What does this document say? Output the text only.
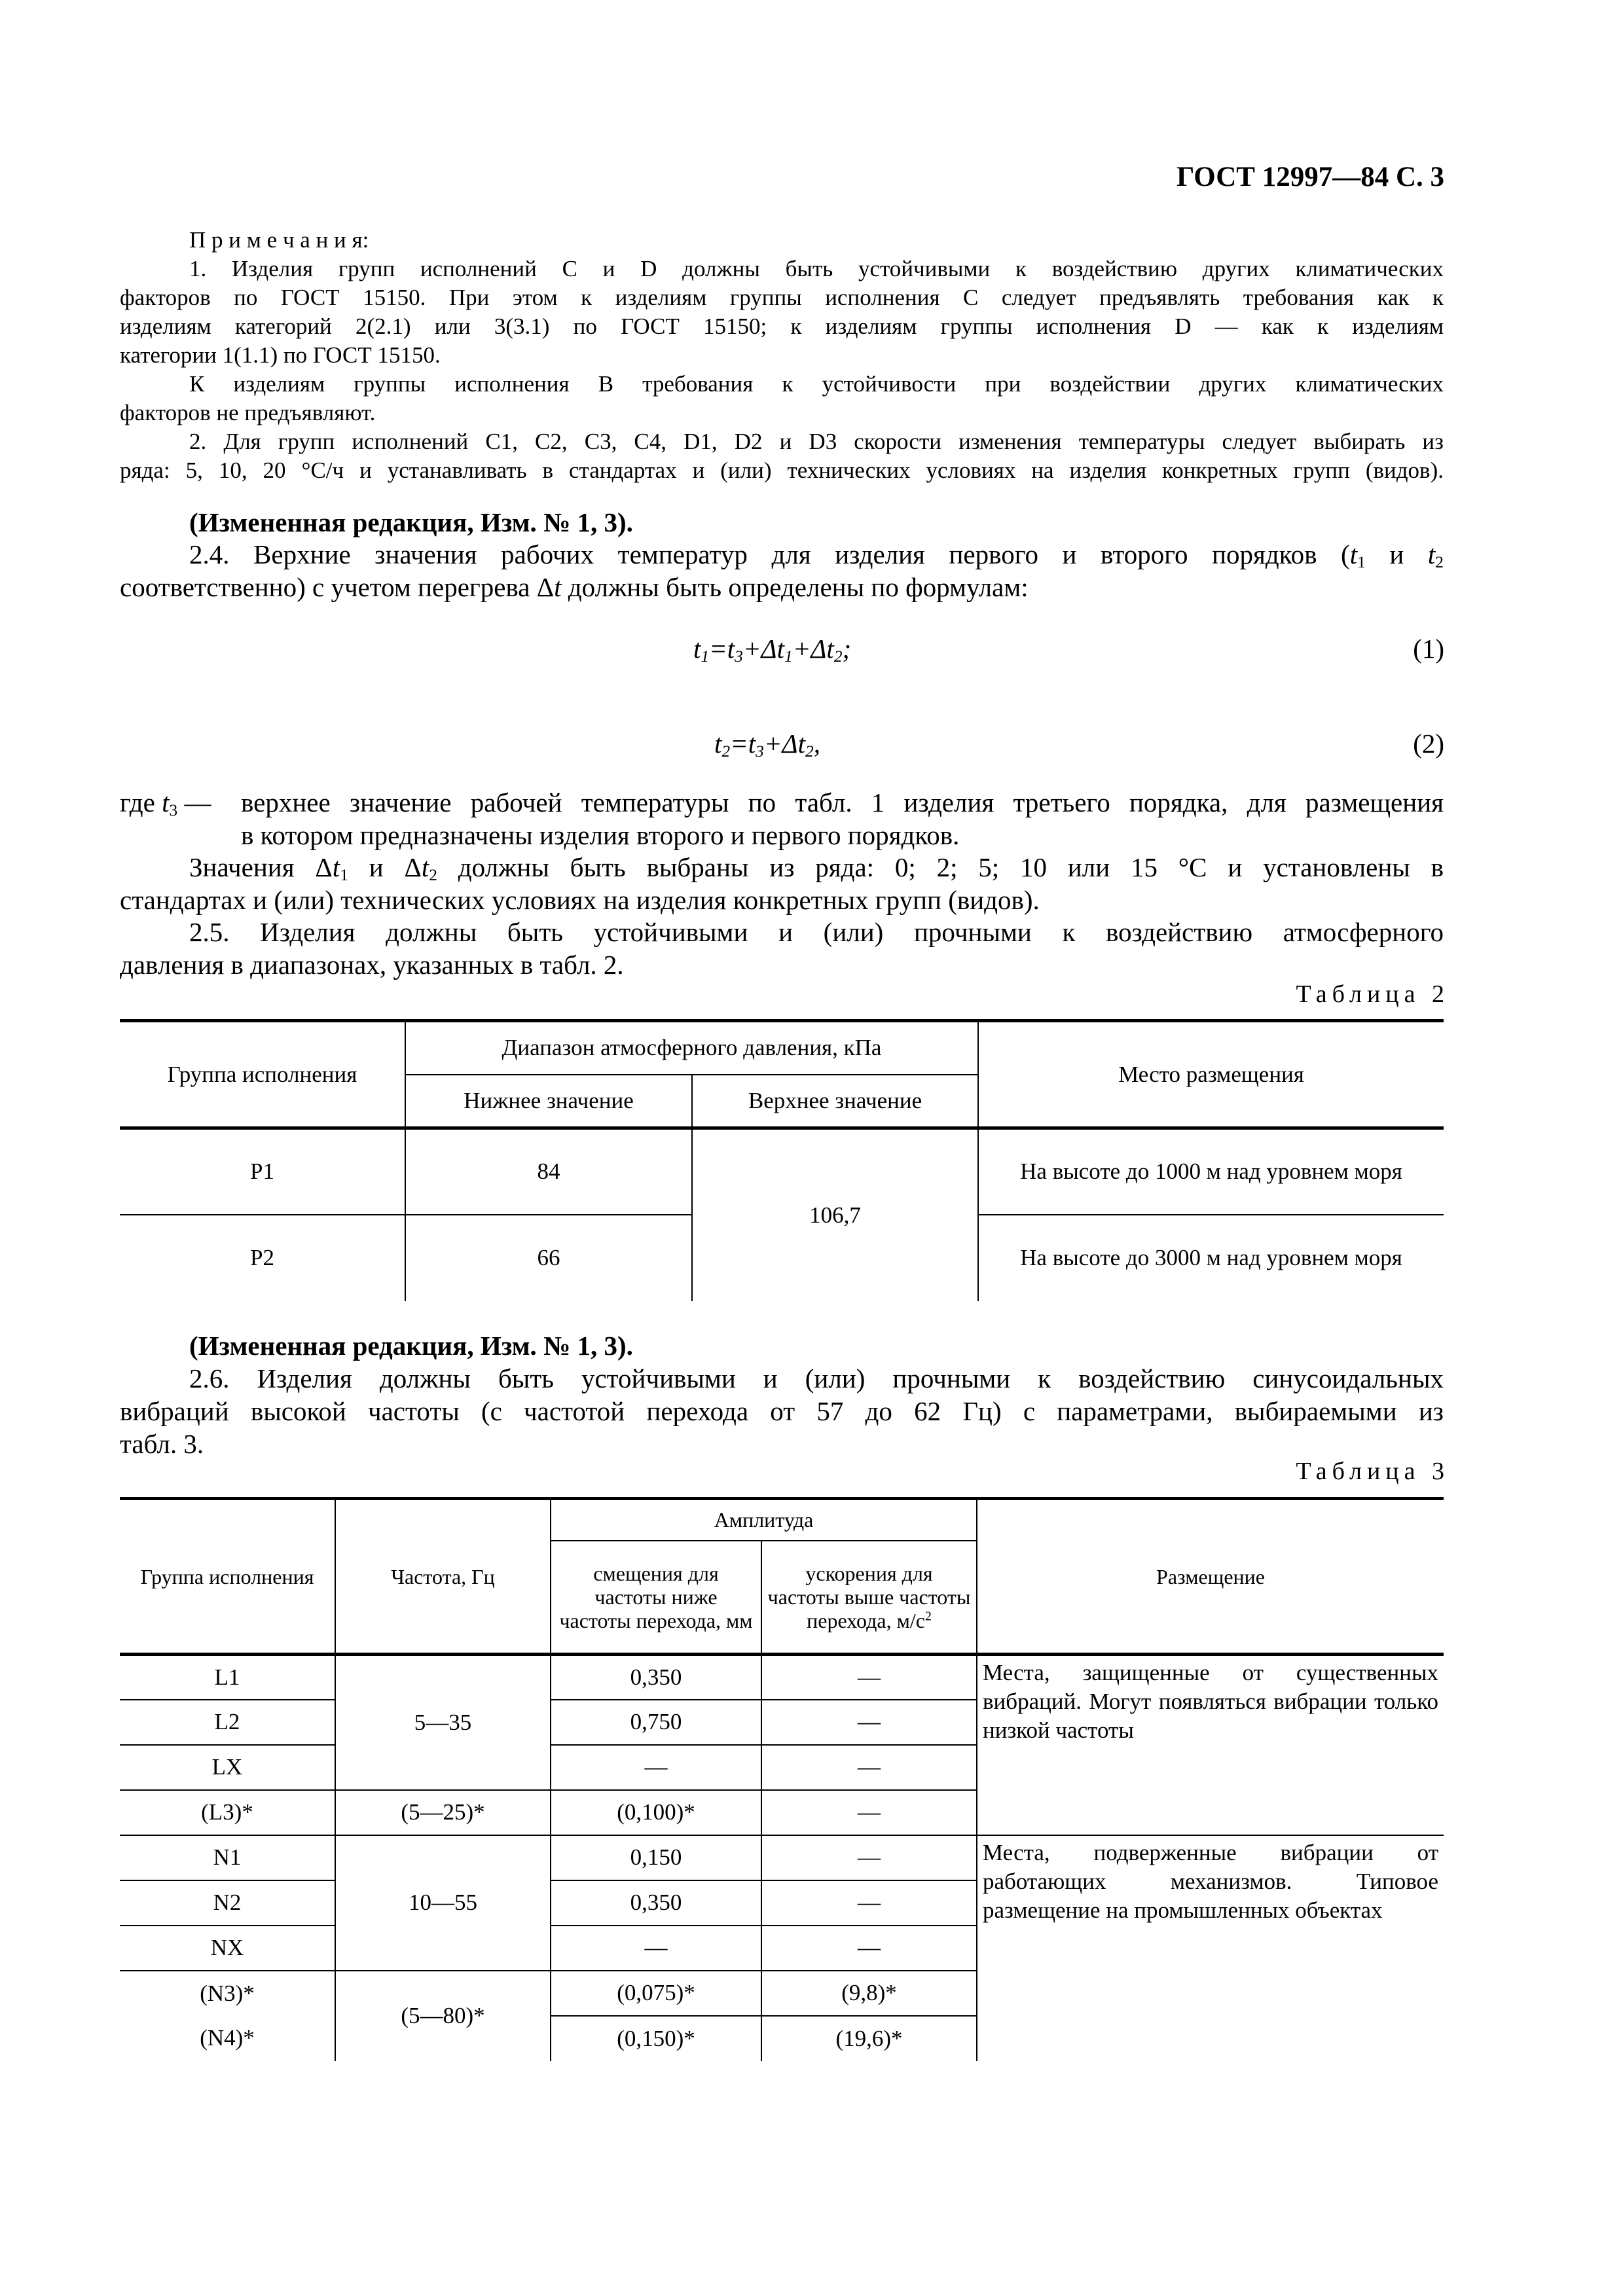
ГОСТ 12997—84 С. 3
П р и м е ч а н и я:
1. Изделия групп исполнений C и D должны быть устойчивыми к воздействию других климатических
факторов по ГОСТ 15150. При этом к изделиям группы исполнения C следует предъявлять требования как к
изделиям категорий 2(2.1) или 3(3.1) по ГОСТ 15150; к изделиям группы исполнения D — как к изделиям
категории 1(1.1) по ГОСТ 15150.
К изделиям группы исполнения B требования к устойчивости при воздействии других климатических
факторов не предъявляют.
2. Для групп исполнений C1, C2, C3, C4, D1, D2 и D3 скорости изменения температуры следует выбирать из
ряда: 5, 10, 20 °С/ч и устанавливать в стандартах и (или) технических условиях на изделия конкретных групп (видов).
(Измененная редакция, Изм. № 1, 3).
2.4. Верхние значения рабочих температур для изделия первого и второго порядков ($t_1$ и $t_2$
соответственно) с учетом перегрева Δt должны быть определены по формулам:
$t_1=t_3+\Delta t_1+\Delta t_2$;	(1)
$t_2=t_3+\Delta t_2$,	(2)
где $t_3$ —	верхнее значение рабочей температуры по табл. 1 изделия третьего порядка, для размещения
в котором предназначены изделия второго и первого порядков.
Значения $\Delta t_1$ и $\Delta t_2$ должны быть выбраны из ряда: 0; 2; 5; 10 или 15 °С и установлены в
стандартах и (или) технических условиях на изделия конкретных групп (видов).
2.5. Изделия должны быть устойчивыми и (или) прочными к воздействию атмосферного
давления в диапазонах, указанных в табл. 2.
Таблица 2
Группа исполнения	Диапазон атмосферного давления, кПа		Место размещения
	Нижнее значение	Верхнее значение	
P1	84	106,7	На высоте до 1000 м над уровнем моря
P2	66		На высоте до 3000 м над уровнем моря
(Измененная редакция, Изм. № 1, 3).
2.6. Изделия должны быть устойчивыми и (или) прочными к воздействию синусоидальных
вибраций высокой частоты (с частотой перехода от 57 до 62 Гц) с параметрами, выбираемыми из
табл. 3.
Таблица 3
Группа исполнения	Частота, Гц	Амплитуда		Размещение
		смещения для частоты ниже частоты перехода, мм	ускорения для частоты выше частоты перехода, $м/с^2$
L1	5—35	0,350	—	Места, защищенные от существенных вибраций. Могут появляться вибрации только низкой частоты

L2		0,750	—	
LX		—	—	
(L3)*	(5—25)*	(0,100)*	—	
N1	10—55	0,150	—	Места, подверженные вибрации от работающих механизмов. Типовое размещение на промышленных объектах

N2		0,350	—	
NX		—	—	
(N3)*	(5—80)*	(0,075)*	(9,8)*	
(N4)*		(0,150)*	(19,6)*	
